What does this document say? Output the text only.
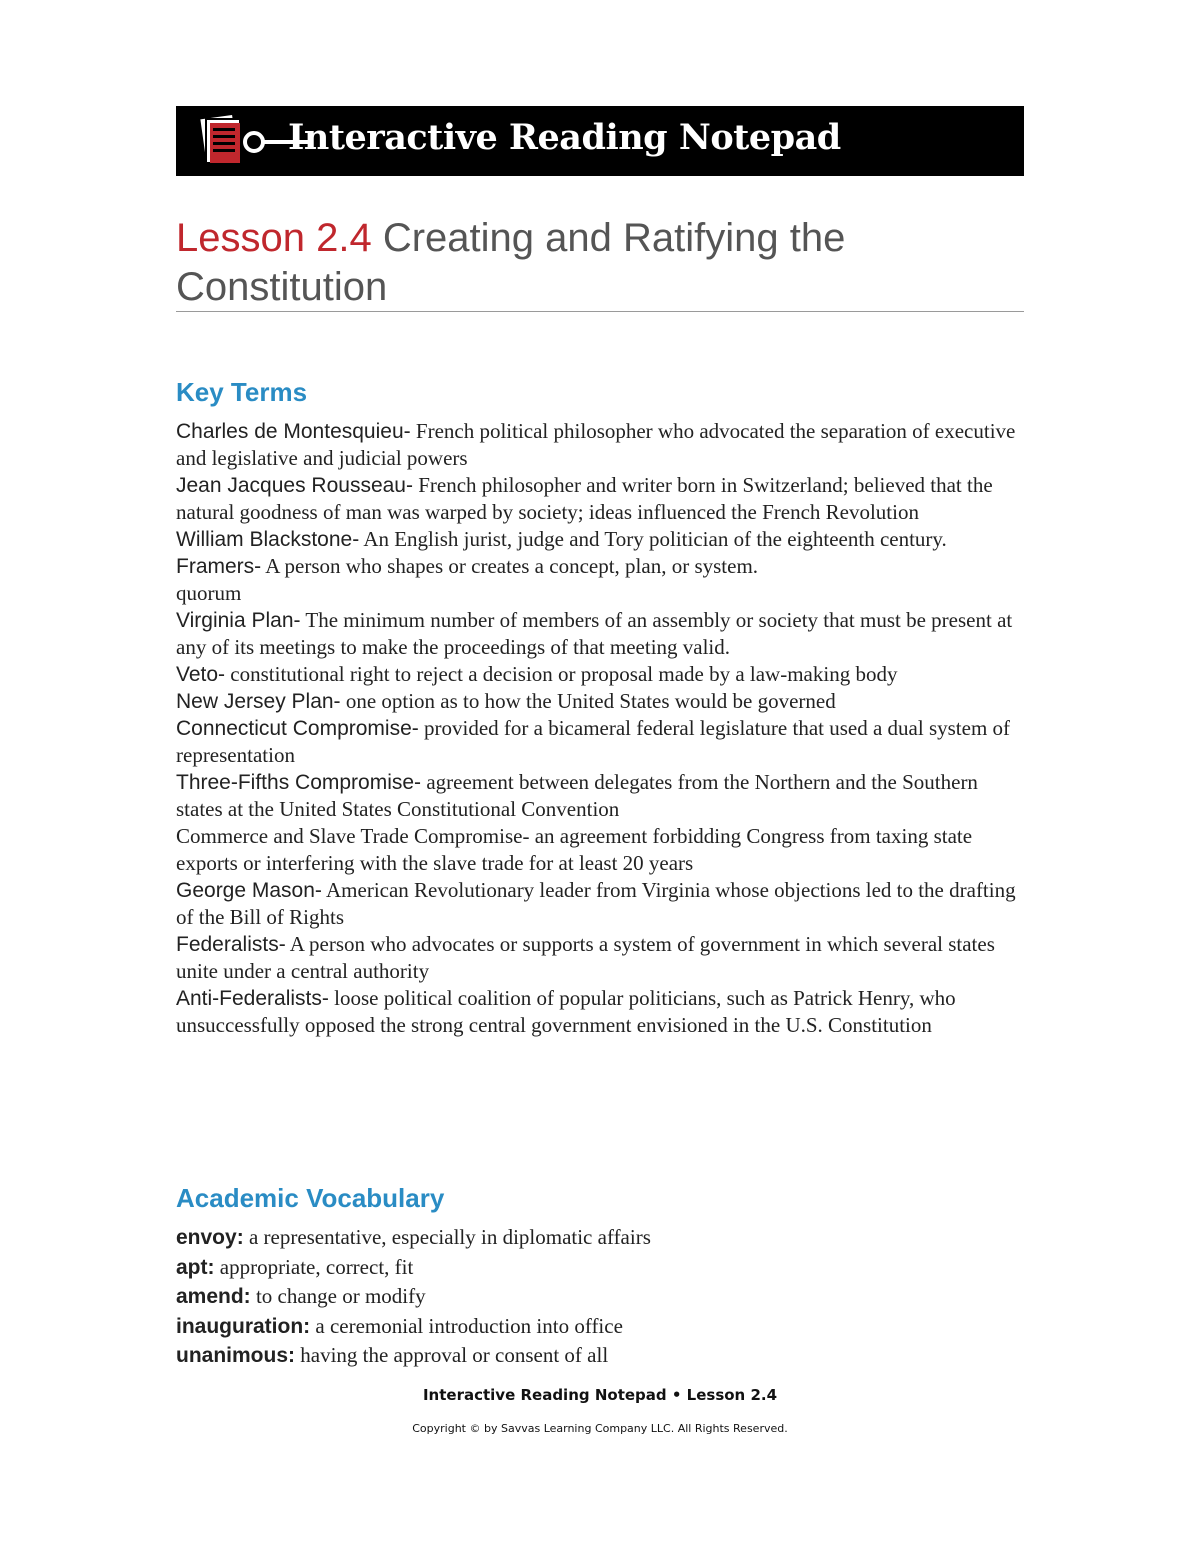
Interactive Reading Notepad
Lesson 2.4 Creating and Ratifying the Constitution
Key Terms

Charles de Montesquieu- French political philosopher who advocated the separation of executive and legislative and judicial powers

Jean Jacques Rousseau- French philosopher and writer born in Switzerland; believed that the natural goodness of man was warped by society; ideas influenced the French Revolution

William Blackstone- An English jurist, judge and Tory politician of the eighteenth century.

Framers- A person who shapes or creates a concept, plan, or system.

quorum

Virginia Plan- The minimum number of members of an assembly or society that must be present at any of its meetings to make the proceedings of that meeting valid.

Veto- constitutional right to reject a decision or proposal made by a law-making body

New Jersey Plan- one option as to how the United States would be governed

Connecticut Compromise- provided for a bicameral federal legislature that used a dual system of representation

Three-Fifths Compromise- agreement between delegates from the Northern and the Southern states at the United States Constitutional Convention

Commerce and Slave Trade Compromise- an agreement forbidding Congress from taxing state exports or interfering with the slave trade for at least 20 years

George Mason- American Revolutionary leader from Virginia whose objections led to the drafting of the Bill of Rights

Federalists- A person who advocates or supports a system of government in which several states unite under a central authority

Anti-Federalists- loose political coalition of popular politicians, such as Patrick Henry, who unsuccessfully opposed the strong central government envisioned in the U.S. Constitution

Academic Vocabulary

envoy: a representative, especially in diplomatic affairs

apt: appropriate, correct, fit

amend: to change or modify

inauguration: a ceremonial introduction into office

unanimous: having the approval or consent of all

Interactive Reading Notepad • Lesson 2.4
Copyright © by Savvas Learning Company LLC. All Rights Reserved.
